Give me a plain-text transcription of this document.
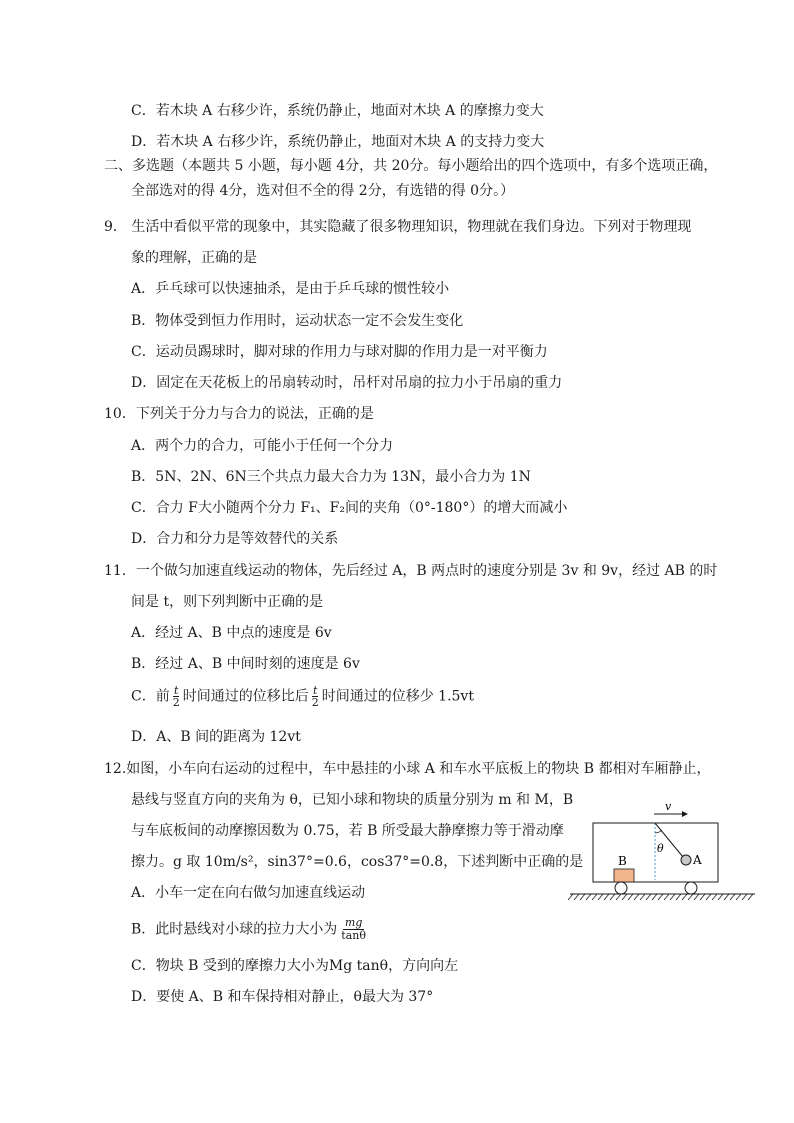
C．若木块 A 右移少许，系统仍静止，地面对木块 A 的摩擦力变大
D．若木块 A 右移少许，系统仍静止，地面对木块 A 的支持力变大
二、多选题（本题共 5 小题，每小题 4分，共 20分。每小题给出的四个选项中，有多个选项正确，
全部选对的得 4分，选对但不全的得 2分，有选错的得 0分。）
9． 生活中看似平常的现象中，其实隐藏了很多物理知识，物理就在我们身边。下列对于物理现
象的理解，正确的是
A．乒乓球可以快速抽杀，是由于乒乓球的惯性较小
B．物体受到恒力作用时，运动状态一定不会发生变化
C．运动员踢球时，脚对球的作用力与球对脚的作用力是一对平衡力
D．固定在天花板上的吊扇转动时，吊杆对吊扇的拉力小于吊扇的重力
10．下列关于分力与合力的说法，正确的是
A．两个力的合力，可能小于任何一个分力
B．5N、2N、6N三个共点力最大合力为 13N，最小合力为 1N
C．合力 F大小随两个分力 F₁、F₂间的夹角（0°-180°）的增大而减小
D．合力和分力是等效替代的关系
11．一个做匀加速直线运动的物体，先后经过 A，B 两点时的速度分别是 3v 和 9v，经过 AB 的时
间是 t，则下列判断中正确的是
A．经过 A、B 中点的速度是 6v
B．经过 A、B 中间时刻的速度是 6v
C．前 $\frac{t}{2}$ 时间通过的位移比后 $\frac{t}{2}$ 时间通过的位移少 1.5vt
D．A、B 间的距离为 12vt
12.如图，小车向右运动的过程中，车中悬挂的小球 A 和车水平底板上的物块 B 都相对车厢静止，
悬线与竖直方向的夹角为 θ，已知小球和物块的质量分别为 m 和 M，B
与车底板间的动摩擦因数为 0.75，若 B 所受最大静摩擦力等于滑动摩
擦力。g 取 10m/s²，sin37°=0.6，cos37°=0.8，下述判断中正确的是
A．小车一定在向右做匀加速直线运动
B．此时悬线对小球的拉力大小为 $\frac{mg}{\tan\theta}$
C．物块 B 受到的摩擦力大小为Mg tanθ，方向向左
D．要使 A、B 和车保持相对静止，θ最大为 37°
v
θ
A
B
